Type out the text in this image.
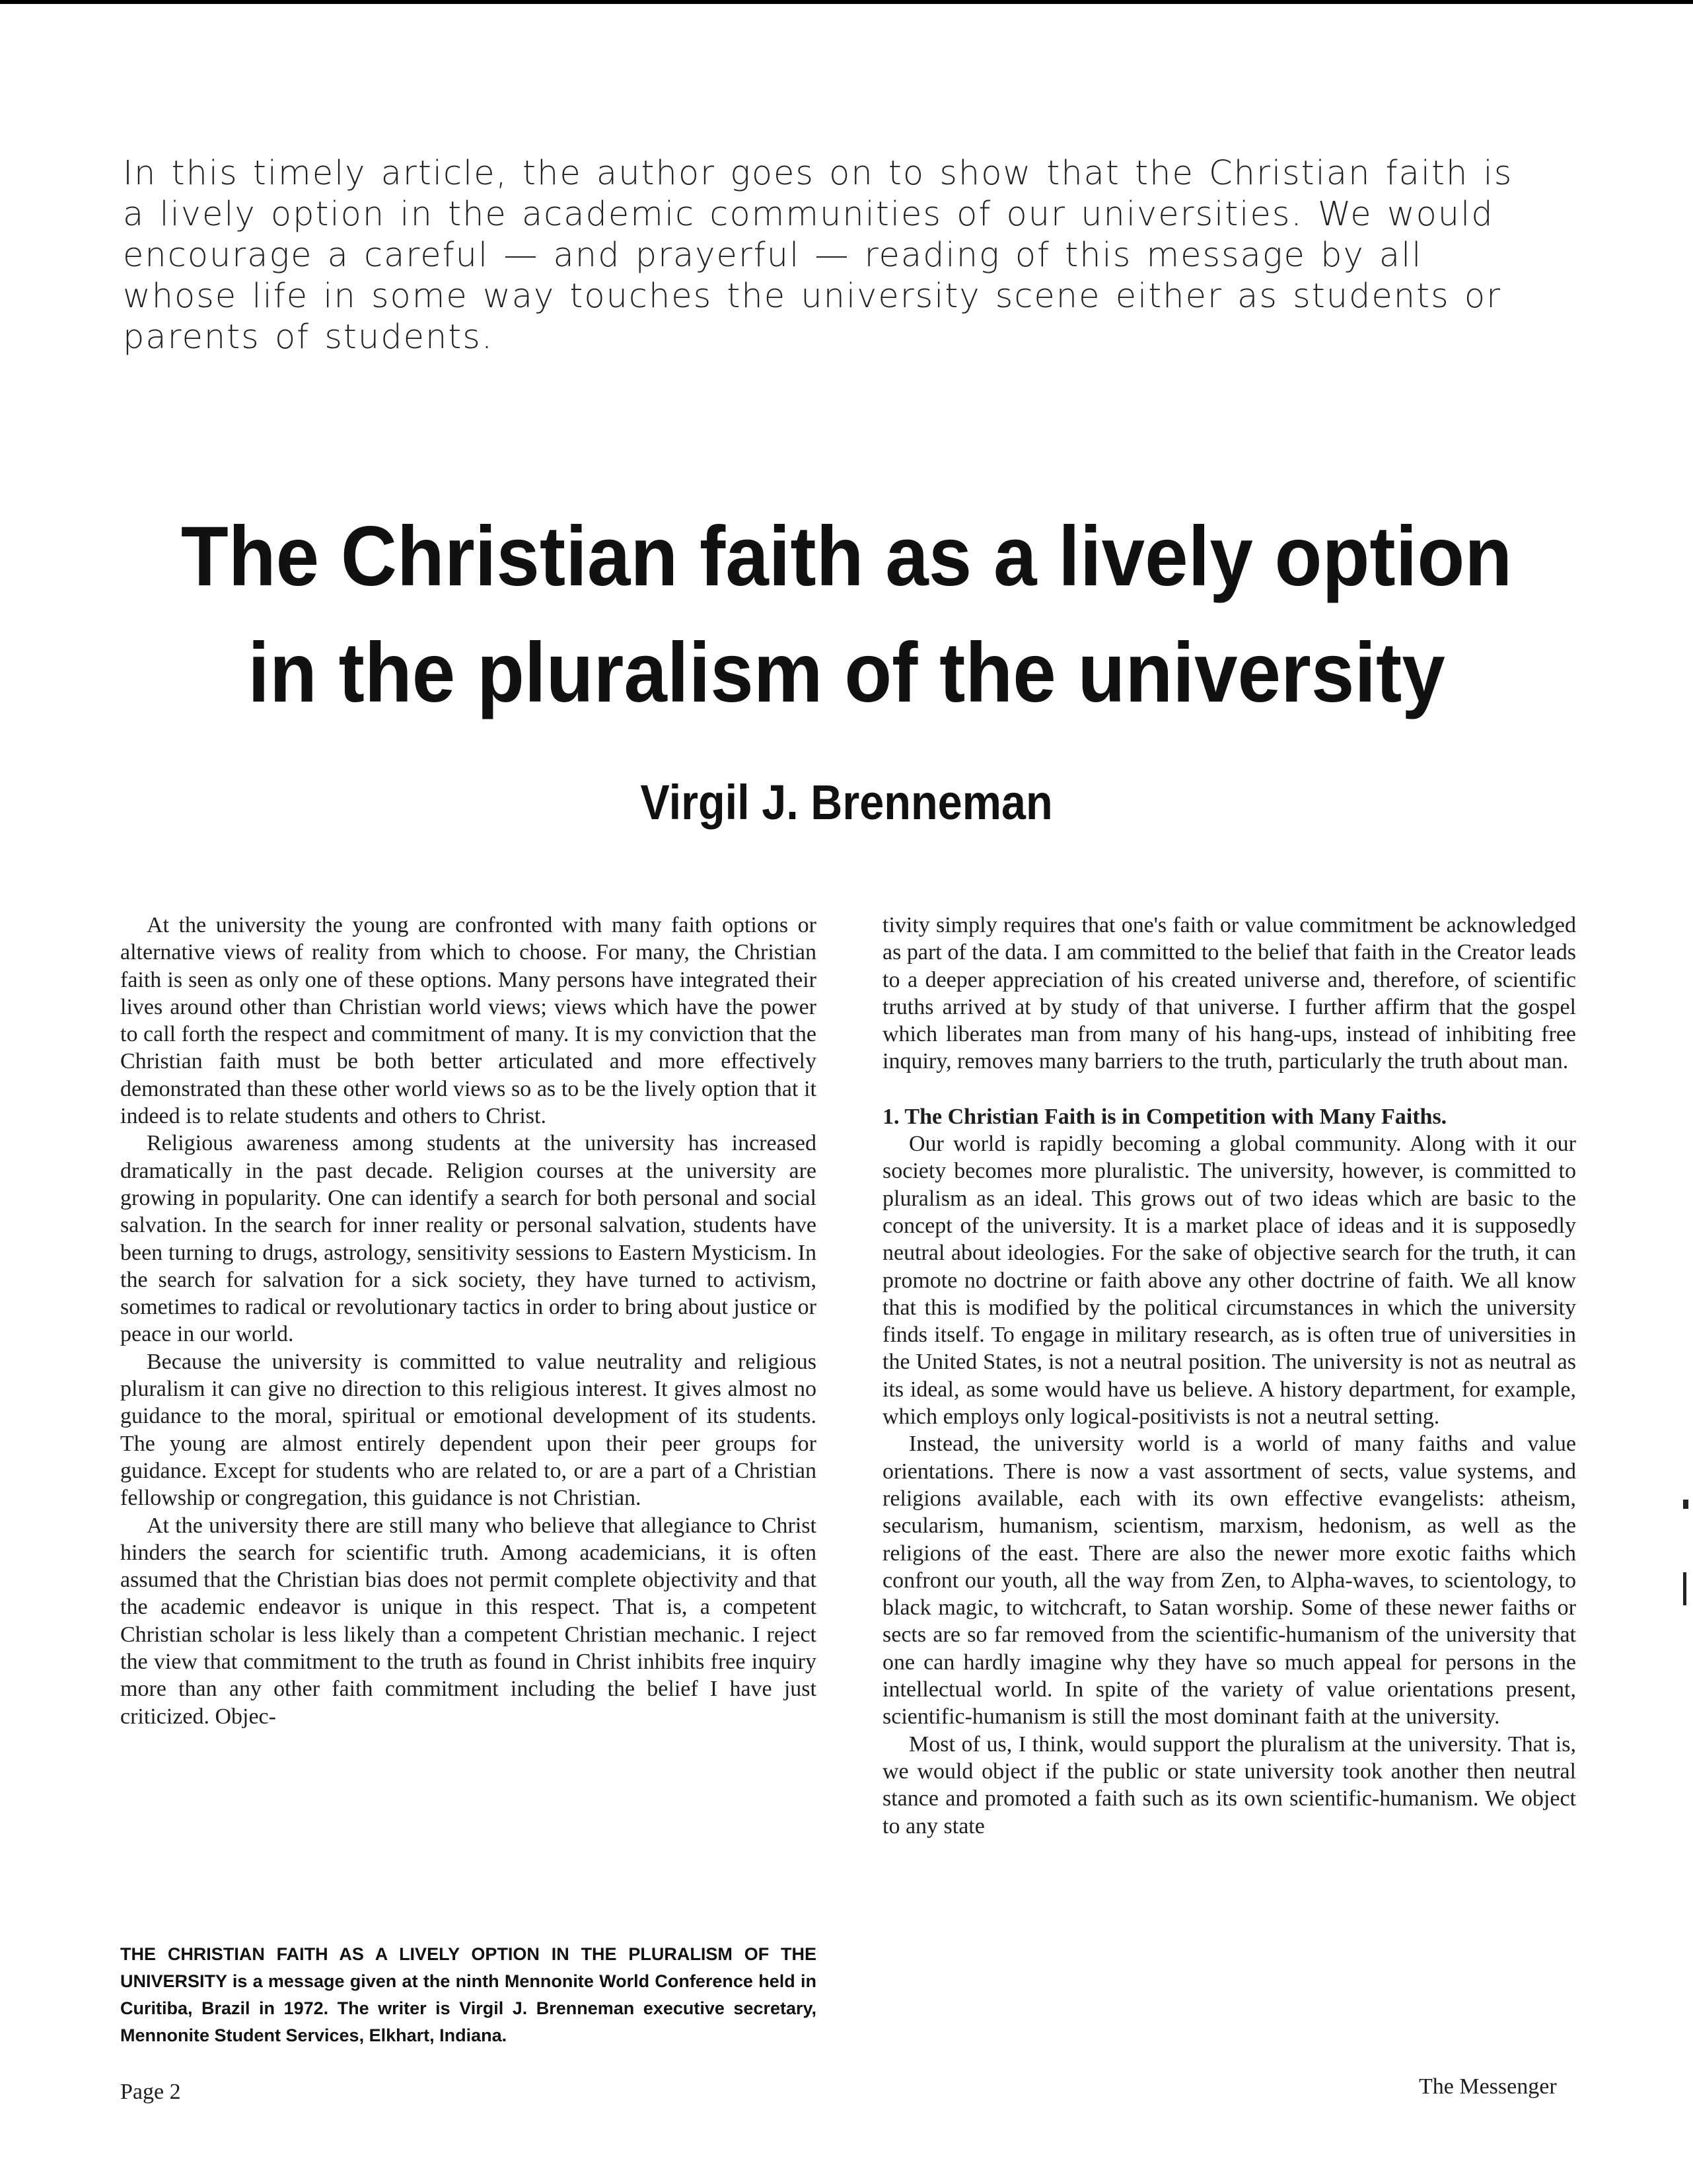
In this timely article, the author goes on to show that the Christian faith is a lively option in the academic communities of our universities. We would encourage a careful — and prayerful — reading of this message by all whose life in some way touches the university scene either as students or parents of students.

The Christian faith as a lively option
in the pluralism of the university
Virgil J. Brenneman

At the university the young are confronted with many faith options or alternative views of reality from which to choose. For many, the Christian faith is seen as only one of these options. Many persons have integrated their lives around other than Christian world views; views which have the power to call forth the respect and commitment of many. It is my conviction that the Christian faith must be both better articulated and more effectively demonstrated than these other world views so as to be the lively option that it indeed is to relate students and others to Christ.

Religious awareness among students at the university has increased dramatically in the past decade. Religion courses at the university are growing in popularity. One can identify a search for both personal and social salvation. In the search for inner reality or personal salvation, students have been turning to drugs, astrology, sensitivity sessions to Eastern Mysticism. In the search for salvation for a sick society, they have turned to activism, sometimes to radical or revolutionary tactics in order to bring about justice or peace in our world.

Because the university is committed to value neutrality and religious pluralism it can give no direction to this religious interest. It gives almost no guidance to the moral, spiritual or emotional development of its students. The young are almost entirely dependent upon their peer groups for guidance. Except for students who are related to, or are a part of a Christian fellowship or congregation, this guidance is not Christian.

At the university there are still many who believe that allegiance to Christ hinders the search for scientific truth. Among academicians, it is often assumed that the Christian bias does not permit complete objectivity and that the academic endeavor is unique in this respect. That is, a competent Christian scholar is less likely than a competent Christian mechanic. I reject the view that commitment to the truth as found in Christ inhibits free inquiry more than any other faith commitment including the belief I have just criticized. Objec-

tivity simply requires that one's faith or value commitment be acknowledged as part of the data. I am committed to the belief that faith in the Creator leads to a deeper appreciation of his created universe and, therefore, of scientific truths arrived at by study of that universe. I further affirm that the gospel which liberates man from many of his hang-ups, instead of inhibiting free inquiry, removes many barriers to the truth, particularly the truth about man.

1. The Christian Faith is in Competition with Many Faiths.

Our world is rapidly becoming a global community. Along with it our society becomes more pluralistic. The university, however, is committed to pluralism as an ideal. This grows out of two ideas which are basic to the concept of the university. It is a market place of ideas and it is supposedly neutral about ideologies. For the sake of objective search for the truth, it can promote no doctrine or faith above any other doctrine of faith. We all know that this is modified by the political circumstances in which the university finds itself. To engage in military research, as is often true of universities in the United States, is not a neutral position. The university is not as neutral as its ideal, as some would have us believe. A history department, for example, which employs only logical-positivists is not a neutral setting.

Instead, the university world is a world of many faiths and value orientations. There is now a vast assortment of sects, value systems, and religions available, each with its own effective evangelists: atheism, secularism, humanism, scientism, marxism, hedonism, as well as the religions of the east. There are also the newer more exotic faiths which confront our youth, all the way from Zen, to Alpha-waves, to scientology, to black magic, to witchcraft, to Satan worship. Some of these newer faiths or sects are so far removed from the scientific-humanism of the university that one can hardly imagine why they have so much appeal for persons in the intellectual world. In spite of the variety of value orientations present, scientific-humanism is still the most dominant faith at the university.

Most of us, I think, would support the pluralism at the university. That is, we would object if the public or state university took another then neutral stance and promoted a faith such as its own scientific-humanism. We object to any state

THE CHRISTIAN FAITH AS A LIVELY OPTION IN THE PLURALISM OF THE UNIVERSITY is a message given at the ninth Mennonite World Conference held in Curitiba, Brazil in 1972. The writer is Virgil J. Brenneman executive secretary, Mennonite Student Services, Elkhart, Indiana.

Page 2	The Messenger
